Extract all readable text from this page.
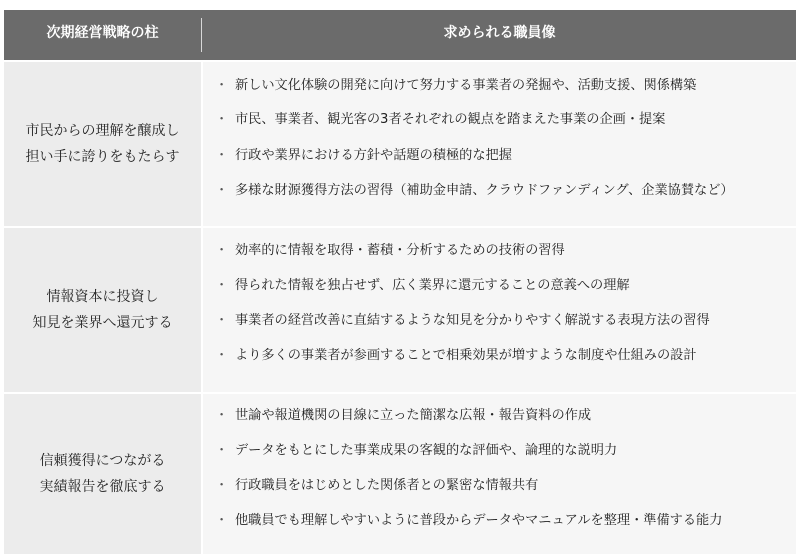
次期経営戦略の柱	求められる職員像
市民からの理解を醸成し
担い手に誇りをもたらす
・ 新しい文化体験の開発に向けて努力する事業者の発掘や、活動支援、関係構築
・ 市民、事業者、観光客の3者それぞれの観点を踏まえた事業の企画・提案
・ 行政や業界における方針や話題の積極的な把握
・ 多様な財源獲得方法の習得（補助金申請、クラウドファンディング、企業協賛など）
情報資本に投資し
知見を業界へ還元する
・ 効率的に情報を取得・蓄積・分析するための技術の習得
・ 得られた情報を独占せず、広く業界に還元することの意義への理解
・ 事業者の経営改善に直結するような知見を分かりやすく解説する表現方法の習得
・ より多くの事業者が参画することで相乗効果が増すような制度や仕組みの設計
信頼獲得につながる
実績報告を徹底する
・ 世論や報道機関の目線に立った簡潔な広報・報告資料の作成
・ データをもとにした事業成果の客観的な評価や、論理的な説明力
・ 行政職員をはじめとした関係者との緊密な情報共有
・ 他職員でも理解しやすいように普段からデータやマニュアルを整理・準備する能力
